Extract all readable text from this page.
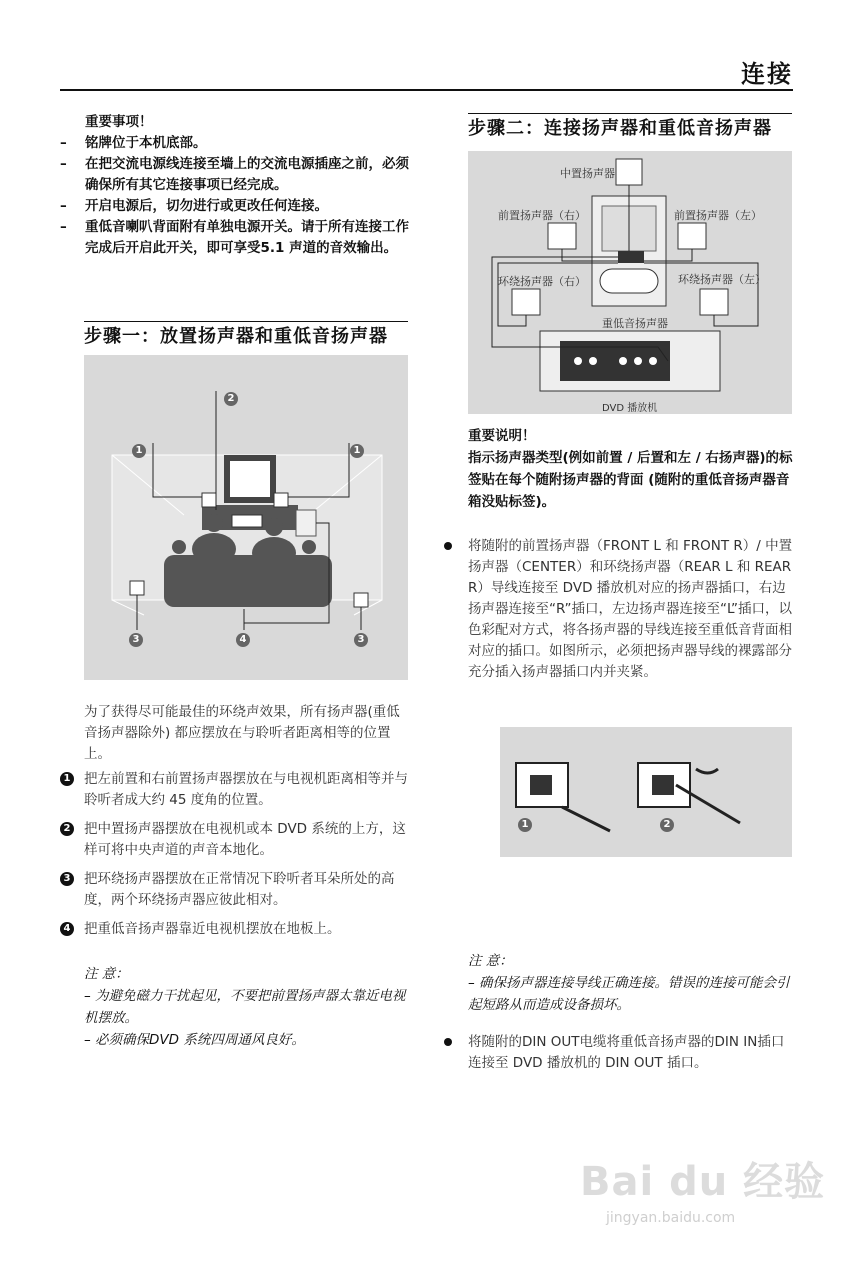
连接
重要事项！
– 铭牌位于本机底部。
– 在把交流电源线连接至墙上的交流电源插座之前，必须确保所有其它连接事项已经完成。
– 开启电源后，切勿进行或更改任何连接。
– 重低音喇叭背面附有单独电源开关。请于所有连接工作完成后开启此开关，即可享受5.1 声道的音效输出。
步骤一：放置扬声器和重低音扬声器
1
2
1
3	4	3
为了获得尽可能最佳的环绕声效果，所有扬声器(重低音扬声器除外) 都应摆放在与聆听者距离相等的位置上。
1 把左前置和右前置扬声器摆放在与电视机距离相等并与聆听者成大约 45 度角的位置。
2 把中置扬声器摆放在电视机或本 DVD 系统的上方，这样可将中央声道的声音本地化。
3 把环绕扬声器摆放在正常情况下聆听者耳朵所处的高度，两个环绕扬声器应彼此相对。
4 把重低音扬声器靠近电视机摆放在地板上。
注 意：
– 为避免磁力干扰起见，不要把前置扬声器太靠近电视机摆放。
– 必须确保DVD 系统四周通风良好。
步骤二：连接扬声器和重低音扬声器
中置扬声器
前置扬声器（右）	前置扬声器（左）
环绕扬声器（右）	环绕扬声器（左）
重低音扬声器
DVD 播放机
重要说明！
指示扬声器类型(例如前置 / 后置和左 / 右扬声器)的标签贴在每个随附扬声器的背面 (随附的重低音扬声器音箱没贴标签)。
将随附的前置扬声器（FRONT L 和 FRONT R）/ 中置扬声器（CENTER）和环绕扬声器（REAR L 和 REAR R）导线连接至 DVD 播放机对应的扬声器插口，右边扬声器连接至“R”插口，左边扬声器连接至“L”插口，以色彩配对方式，将各扬声器的导线连接至重低音背面相对应的插口。如图所示，必须把扬声器导线的裸露部分充分插入扬声器插口内并夹紧。
1	2
将随附的DIN OUT电缆将重低音扬声器的DIN IN插口连接至 DVD 播放机的 DIN OUT 插口。
注 意：
– 确保扬声器连接导线正确连接。错误的连接可能会引起短路从而造成设备损坏。
Bai du 经验
jingyan.baidu.com
